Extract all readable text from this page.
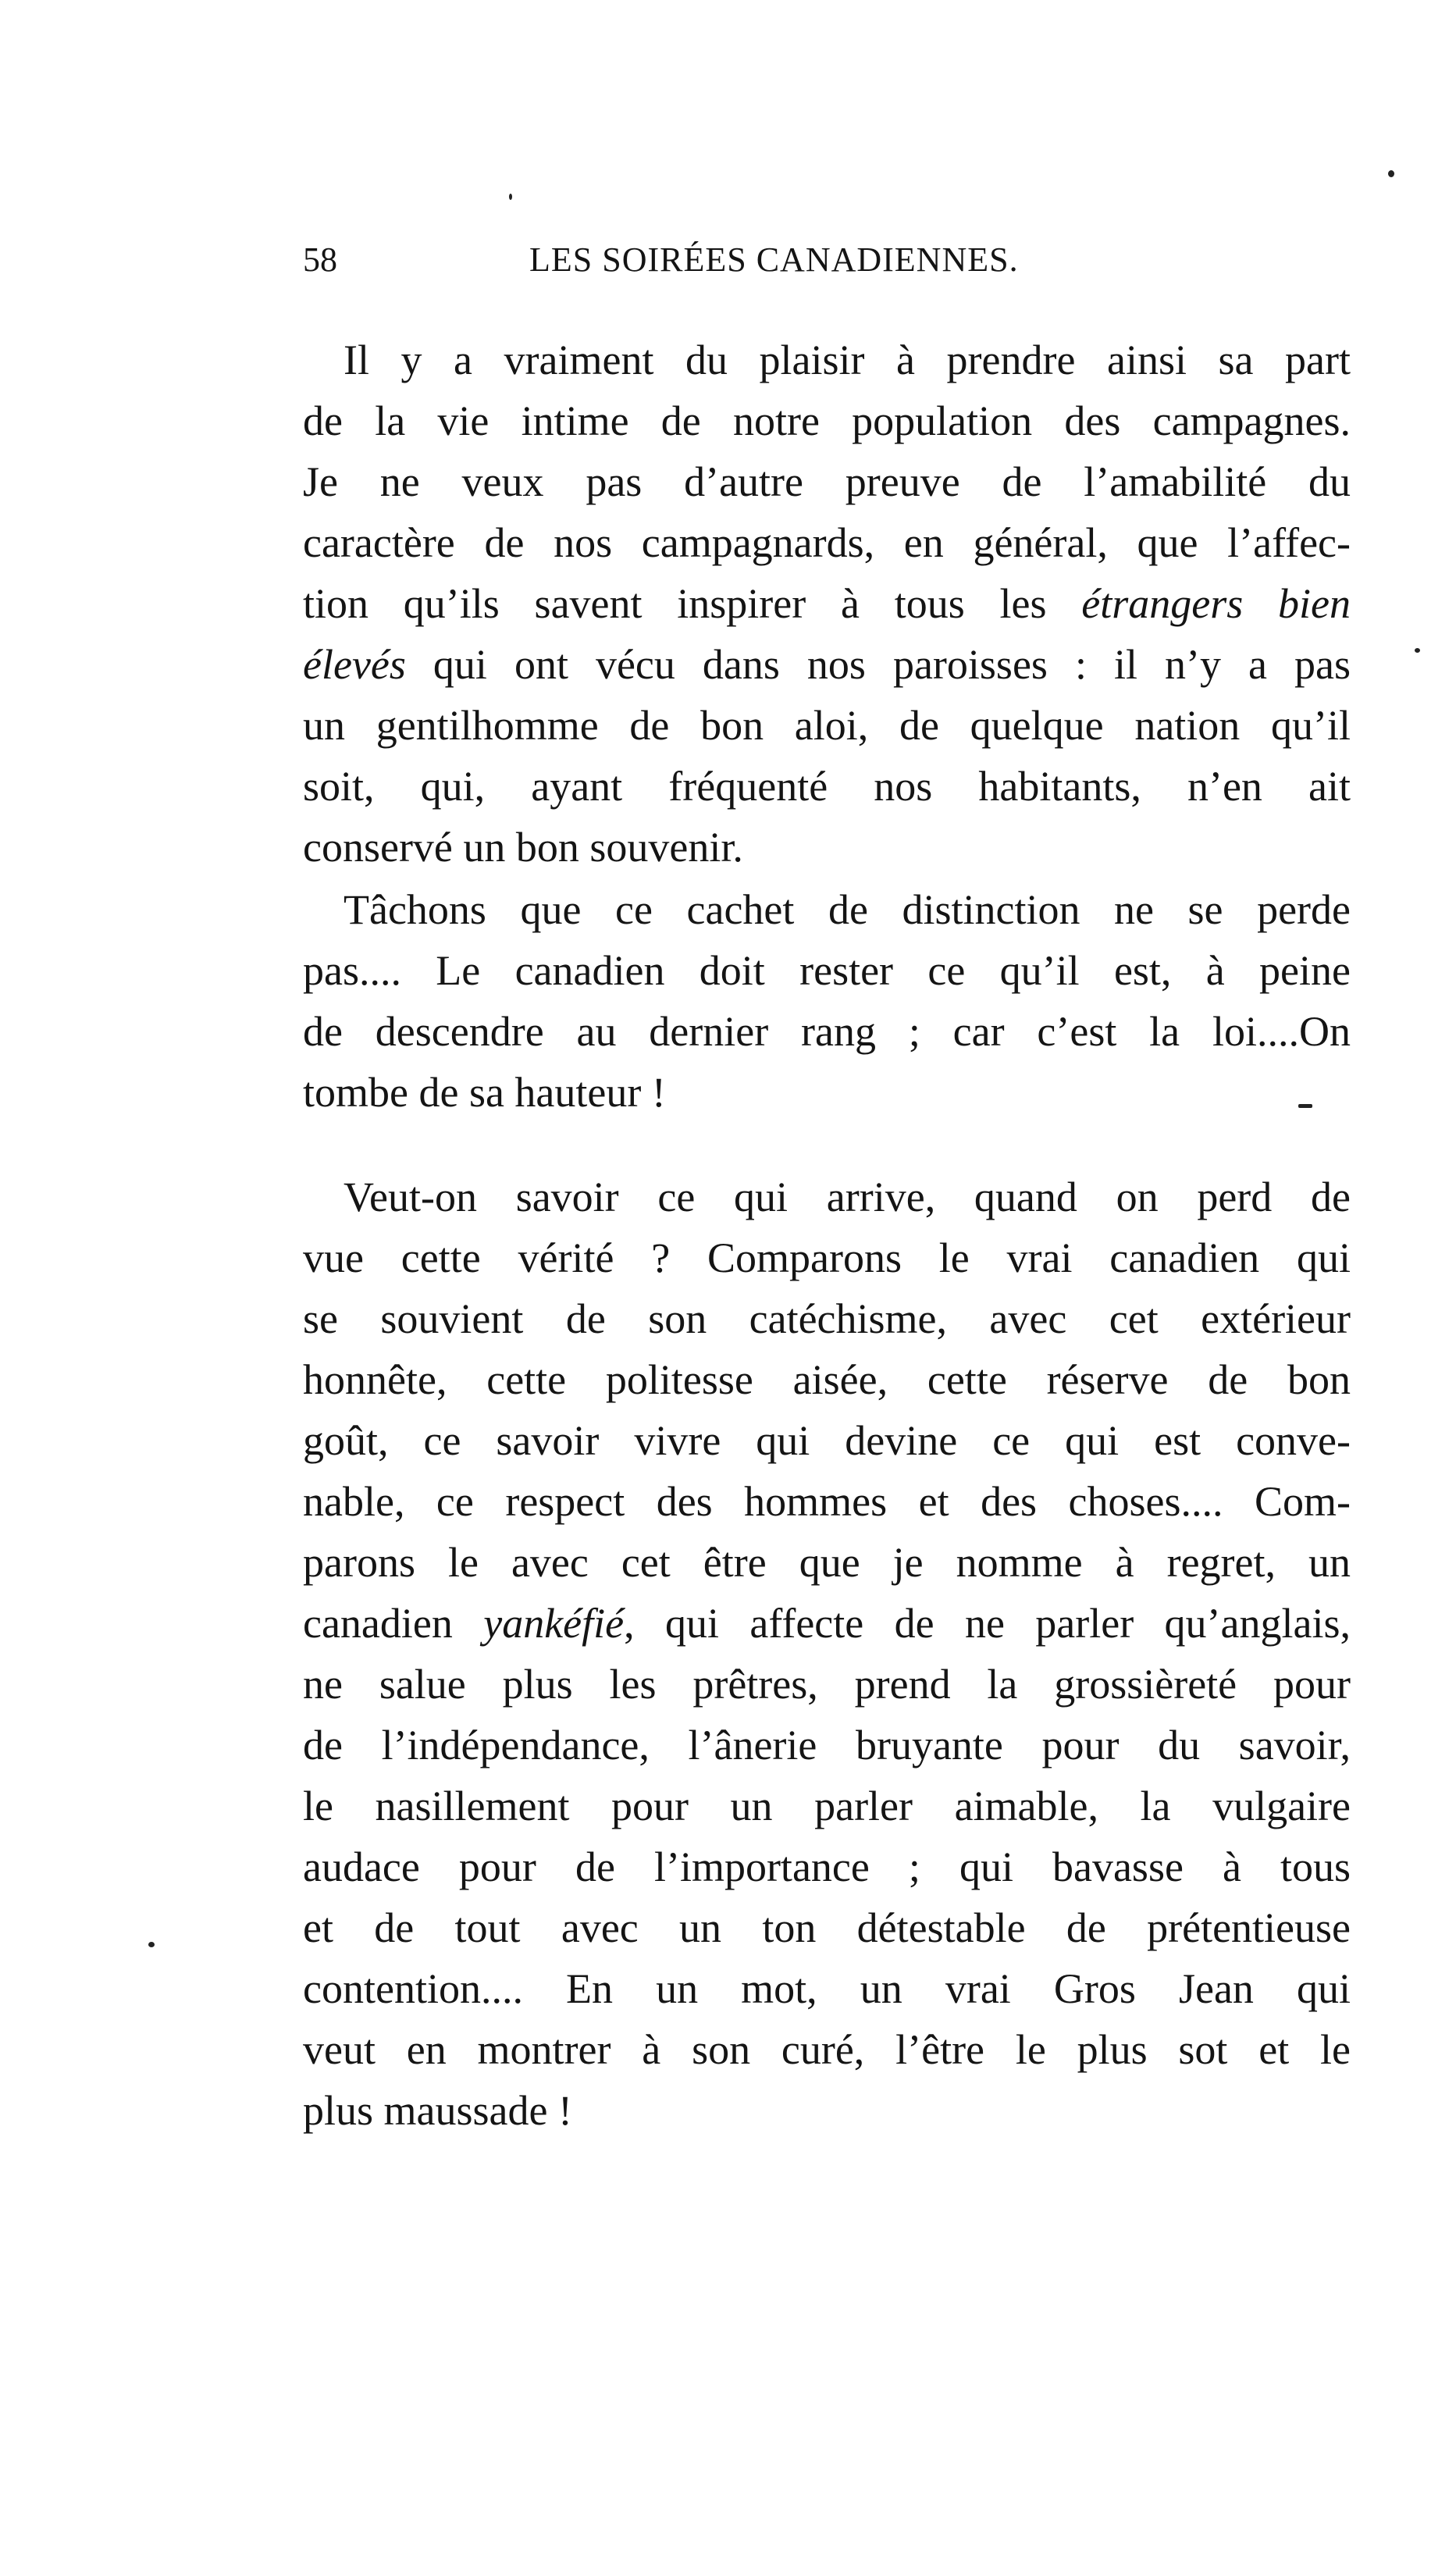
58	LES SOIRÉES CANADIENNES.
Il y a vraiment du plaisir à prendre ainsi sa part
de la vie intime de notre population des campagnes.
Je ne veux pas d’autre preuve de l’amabilité du
caractère de nos campagnards, en général, que l’affec-
tion qu’ils savent inspirer à tous les étrangers bien
élevés qui ont vécu dans nos paroisses : il n’y a pas
un gentilhomme de bon aloi, de quelque nation qu’il
soit, qui, ayant fréquenté nos habitants, n’en ait
conservé un bon souvenir.
Tâchons que ce cachet de distinction ne se perde
pas.... Le canadien doit rester ce qu’il est, à peine
de descendre au dernier rang ; car c’est la loi....On
tombe de sa hauteur !
Veut-on savoir ce qui arrive, quand on perd de
vue cette vérité ? Comparons le vrai canadien qui
se souvient de son catéchisme, avec cet extérieur
honnête, cette politesse aisée, cette réserve de bon
goût, ce savoir vivre qui devine ce qui est conve-
nable, ce respect des hommes et des choses.... Com-
parons le avec cet être que je nomme à regret, un
canadien yankéfié, qui affecte de ne parler qu’anglais,
ne salue plus les prêtres, prend la grossièreté pour
de l’indépendance, l’ânerie bruyante pour du savoir,
le nasillement pour un parler aimable, la vulgaire
audace pour de l’importance ; qui bavasse à tous
et de tout avec un ton détestable de prétentieuse
contention.... En un mot, un vrai Gros Jean qui
veut en montrer à son curé, l’être le plus sot et le
plus maussade !
